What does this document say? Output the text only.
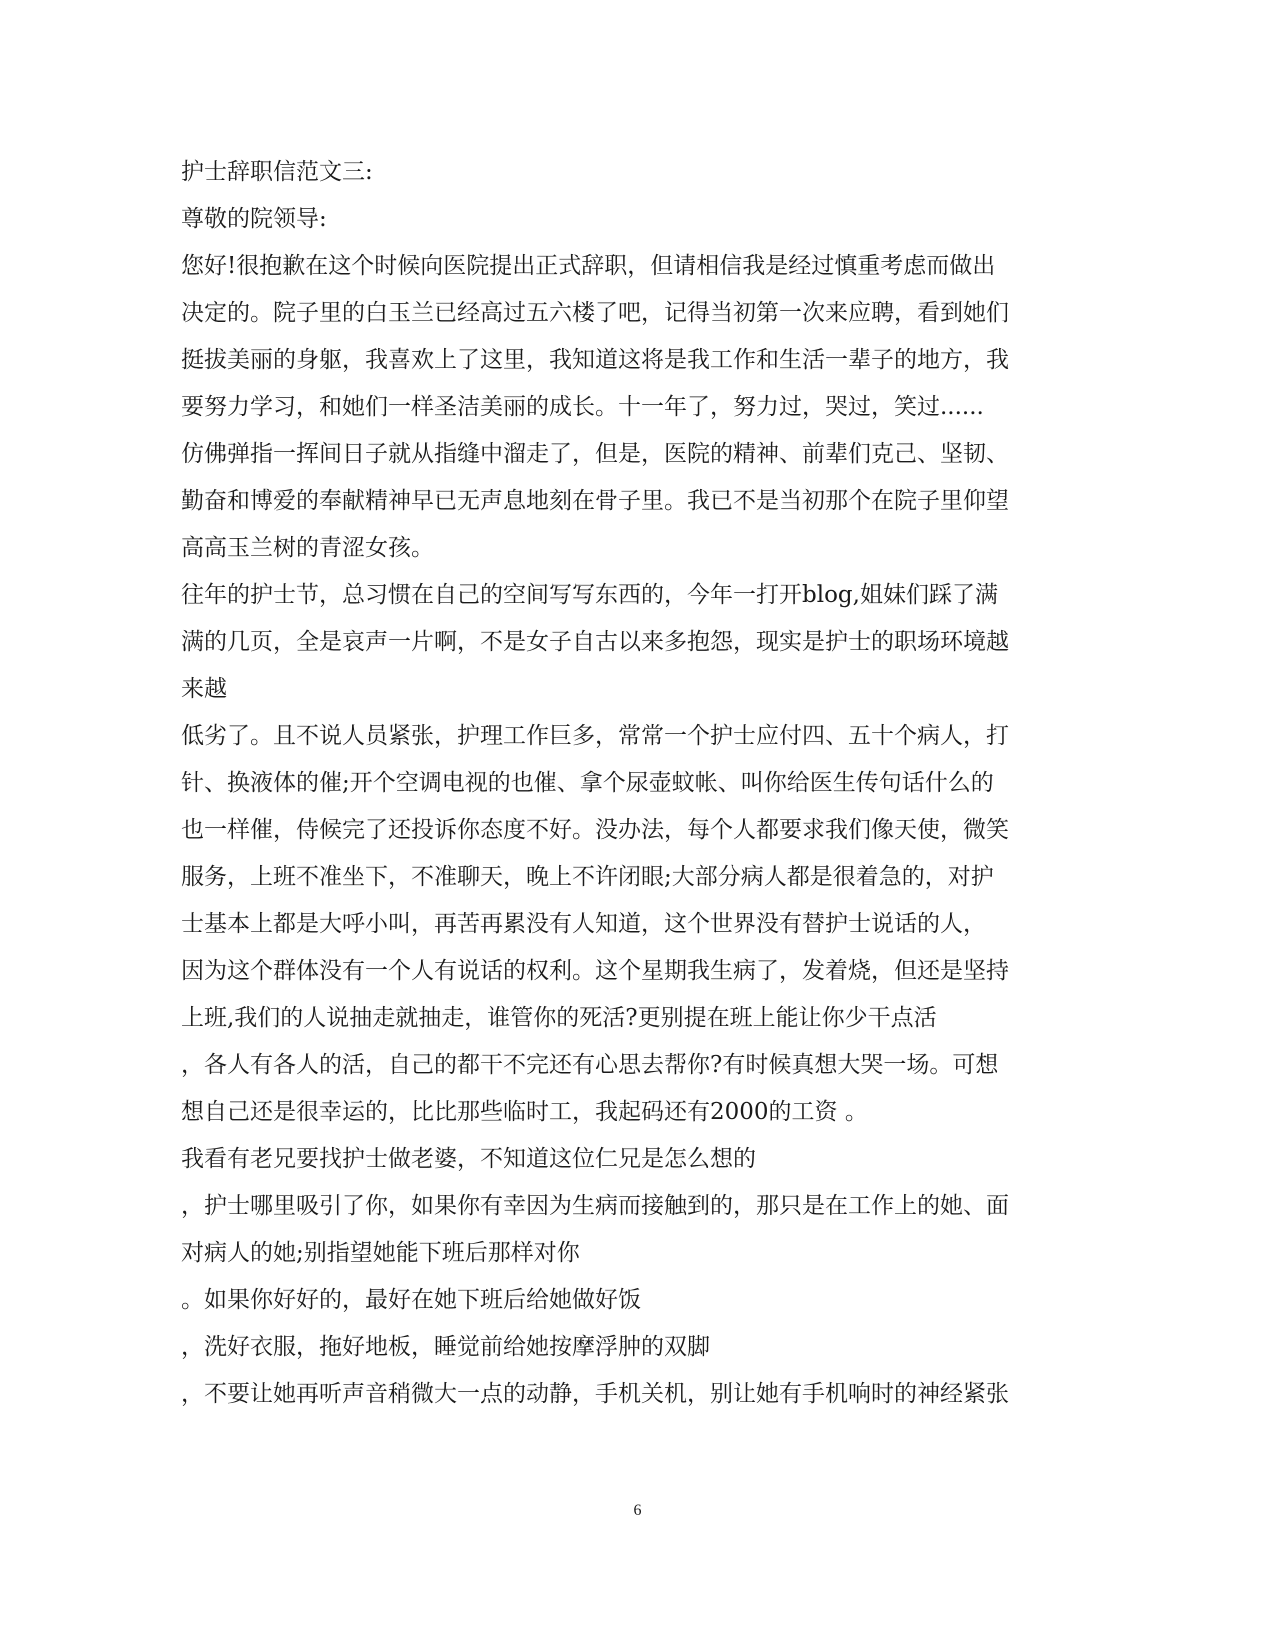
护士辞职信范文三:
尊敬的院领导:
您好!很抱歉在这个时候向医院提出正式辞职，但请相信我是经过慎重考虑而做出
决定的。院子里的白玉兰已经高过五六楼了吧，记得当初第一次来应聘，看到她们
挺拔美丽的身躯，我喜欢上了这里，我知道这将是我工作和生活一辈子的地方，我
要努力学习，和她们一样圣洁美丽的成长。十一年了，努力过，哭过，笑过......
仿佛弹指一挥间日子就从指缝中溜走了，但是，医院的精神、前辈们克己、坚韧、
勤奋和博爱的奉献精神早已无声息地刻在骨子里。我已不是当初那个在院子里仰望
高高玉兰树的青涩女孩。
往年的护士节，总习惯在自己的空间写写东西的，今年一打开blog,姐妹们踩了满
满的几页，全是哀声一片啊，不是女子自古以来多抱怨，现实是护士的职场环境越
来越
低劣了。且不说人员紧张，护理工作巨多，常常一个护士应付四、五十个病人，打
针、换液体的催;开个空调电视的也催、拿个尿壶蚊帐、叫你给医生传句话什么的
也一样催，侍候完了还投诉你态度不好。没办法，每个人都要求我们像天使，微笑
服务，上班不准坐下，不准聊天，晚上不许闭眼;大部分病人都是很着急的，对护
士基本上都是大呼小叫，再苦再累没有人知道，这个世界没有替护士说话的人，
因为这个群体没有一个人有说话的权利。这个星期我生病了，发着烧，但还是坚持
上班,我们的人说抽走就抽走，谁管你的死活?更别提在班上能让你少干点活
，各人有各人的活，自己的都干不完还有心思去帮你?有时候真想大哭一场。可想
想自己还是很幸运的，比比那些临时工，我起码还有2000的工资 。
我看有老兄要找护士做老婆，不知道这位仁兄是怎么想的
，护士哪里吸引了你，如果你有幸因为生病而接触到的，那只是在工作上的她、面
对病人的她;别指望她能下班后那样对你
。如果你好好的，最好在她下班后给她做好饭
，洗好衣服，拖好地板，睡觉前给她按摩浮肿的双脚
，不要让她再听声音稍微大一点的动静，手机关机，别让她有手机响时的神经紧张
6
